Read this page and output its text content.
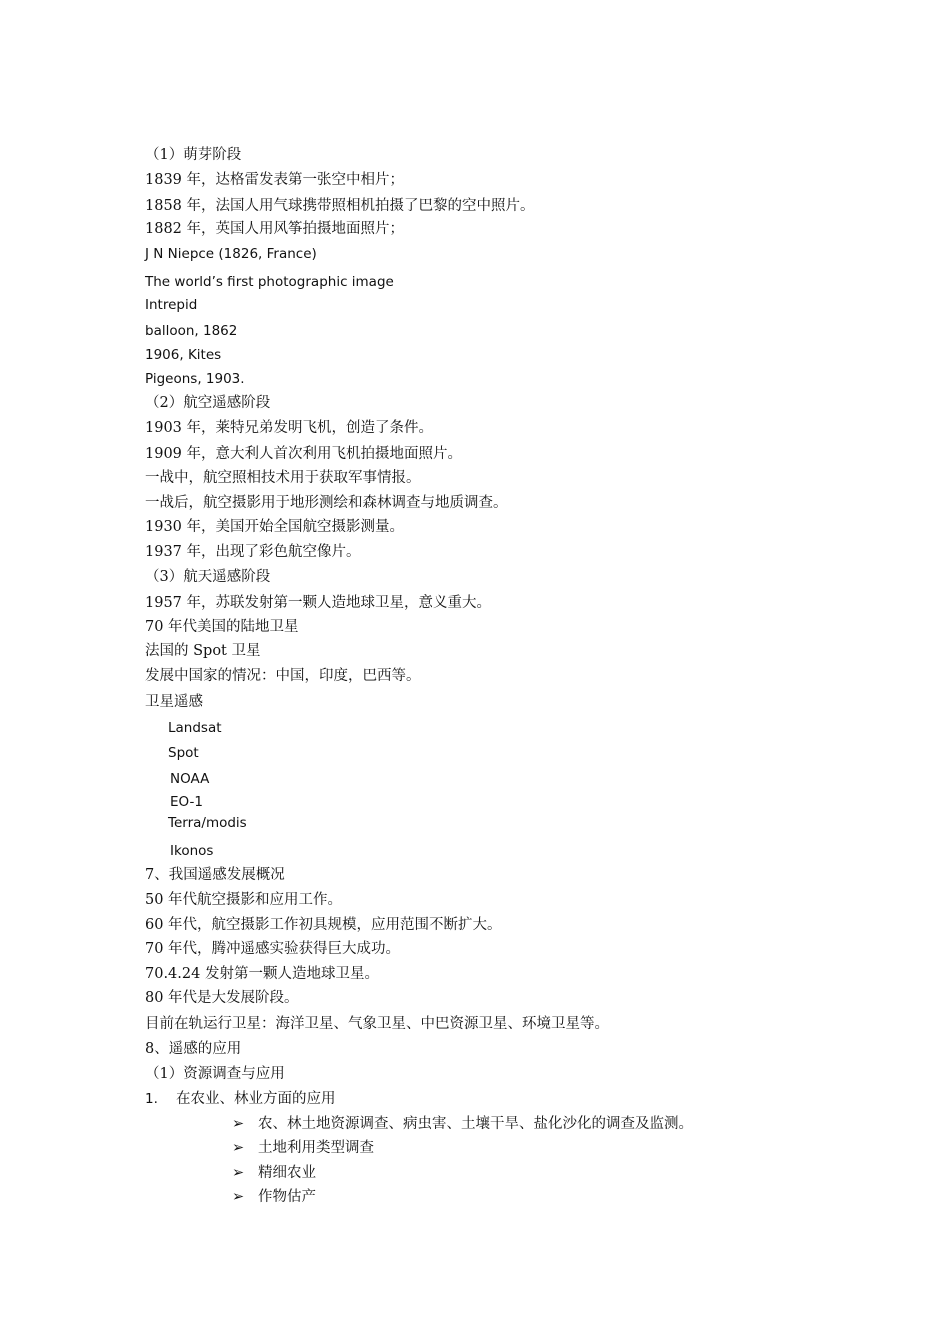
（1）萌芽阶段
1839 年，达格雷发表第一张空中相片；
1858 年，法国人用气球携带照相机拍摄了巴黎的空中照片。
1882 年，英国人用风筝拍摄地面照片；
J N Niepce (1826, France)
The world’s first photographic image
Intrepid
balloon, 1862
1906, Kites
Pigeons, 1903.
（2）航空遥感阶段
1903 年，莱特兄弟发明飞机，创造了条件。
1909 年，意大利人首次利用飞机拍摄地面照片。
一战中，航空照相技术用于获取军事情报。
一战后，航空摄影用于地形测绘和森林调查与地质调查。
1930 年，美国开始全国航空摄影测量。
1937 年，出现了彩色航空像片。
（3）航天遥感阶段
1957 年，苏联发射第一颗人造地球卫星，意义重大。
70 年代美国的陆地卫星
法国的 Spot 卫星
发展中国家的情况：中国，印度，巴西等。
卫星遥感
Landsat
Spot
NOAA
EO-1
Terra/modis
Ikonos
7、我国遥感发展概况
50 年代航空摄影和应用工作。
60 年代，航空摄影工作初具规模，应用范围不断扩大。
70 年代，腾冲遥感实验获得巨大成功。
70.4.24 发射第一颗人造地球卫星。
80 年代是大发展阶段。
目前在轨运行卫星：海洋卫星、气象卫星、中巴资源卫星、环境卫星等。
8、遥感的应用
（1）资源调查与应用
1. 在农业、林业方面的应用
➢ 农、林土地资源调查、病虫害、土壤干旱、盐化沙化的调查及监测。
➢ 土地利用类型调查
➢ 精细农业
➢ 作物估产
